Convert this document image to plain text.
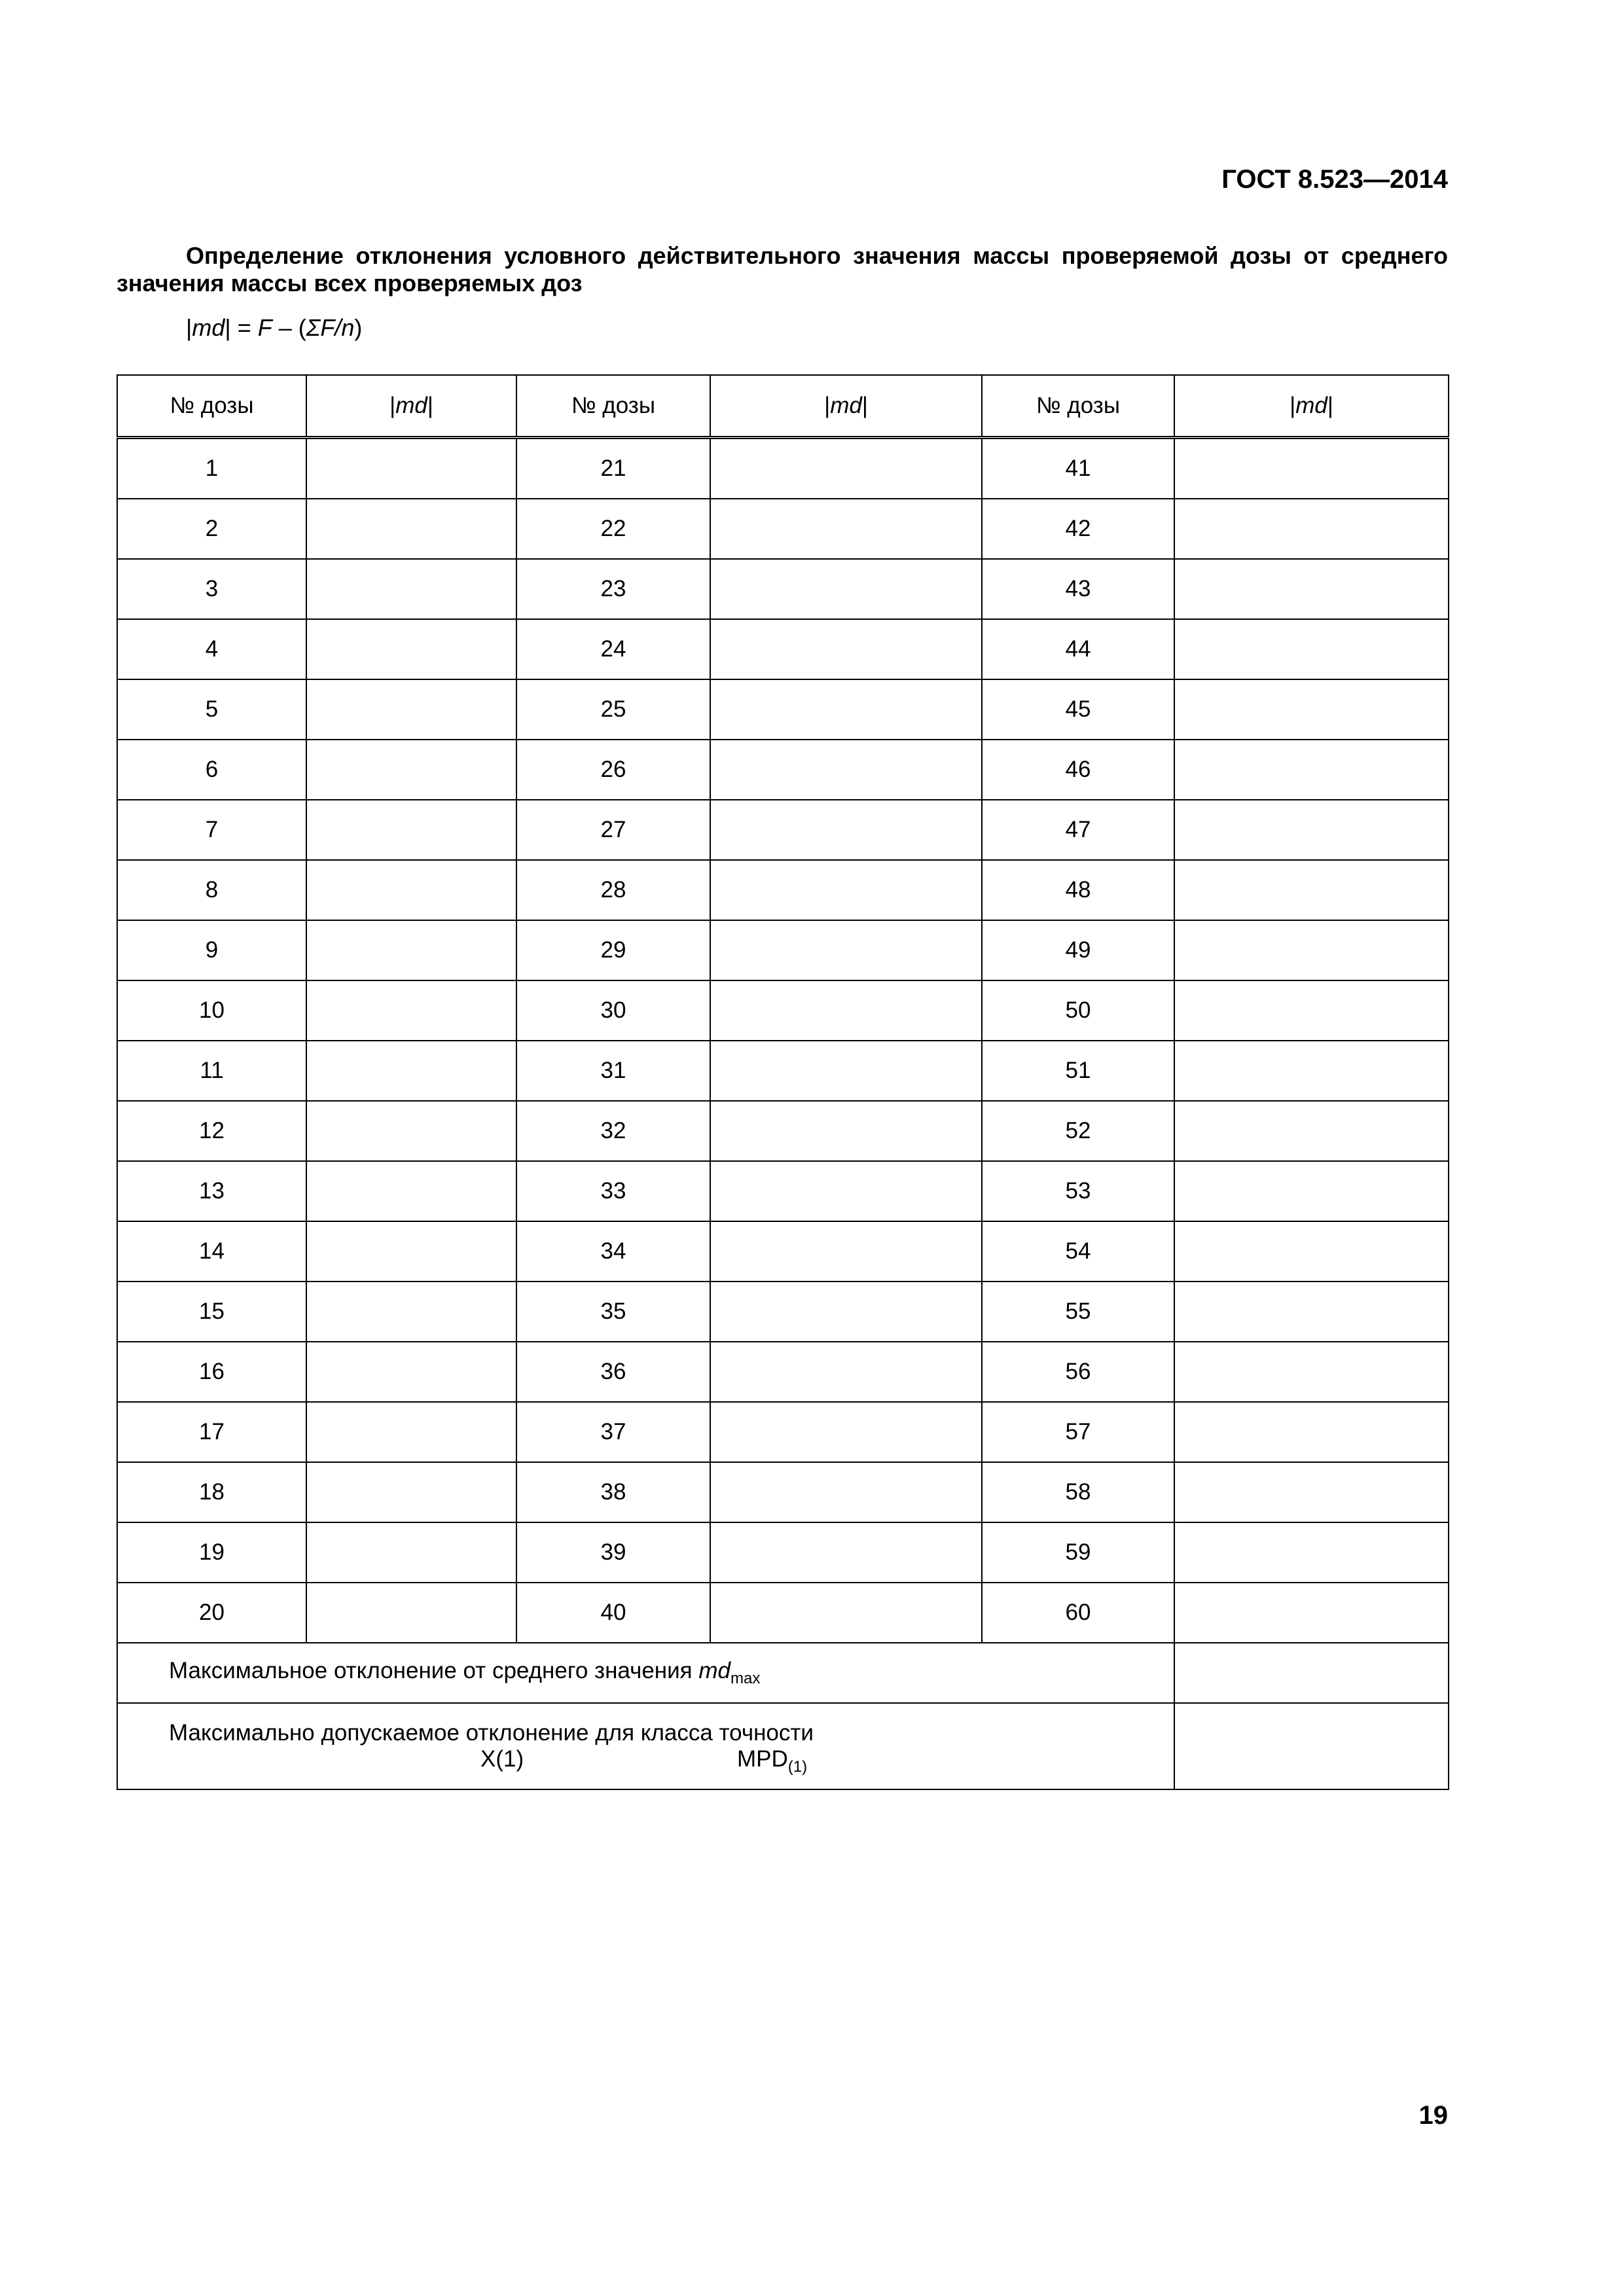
ГОСТ 8.523—2014
Определение отклонения условного действительного значения массы проверяемой дозы от среднего значения массы всех проверяемых доз
|md| = F – (ΣF/n)
№ дозы	|md|	№ дозы	|md|	№ дозы	|md|
1		21		41	
2		22		42	
3		23		43	
4		24		44	
5		25		45	
6		26		46	
7		27		47	
8		28		48	
9		29		49	
10		30		50	
11		31		51	
12		32		52	
13		33		53	
14		34		54	
15		35		55	
16		36		56	
17		37		57	
18		38		58	
19		39		59	
20		40		60	
Максимальное отклонение от среднего значения $md_{max}$	
Максимально допускаемое отклонение для класса точности
X(1) $MPD_{(1)}$

19
